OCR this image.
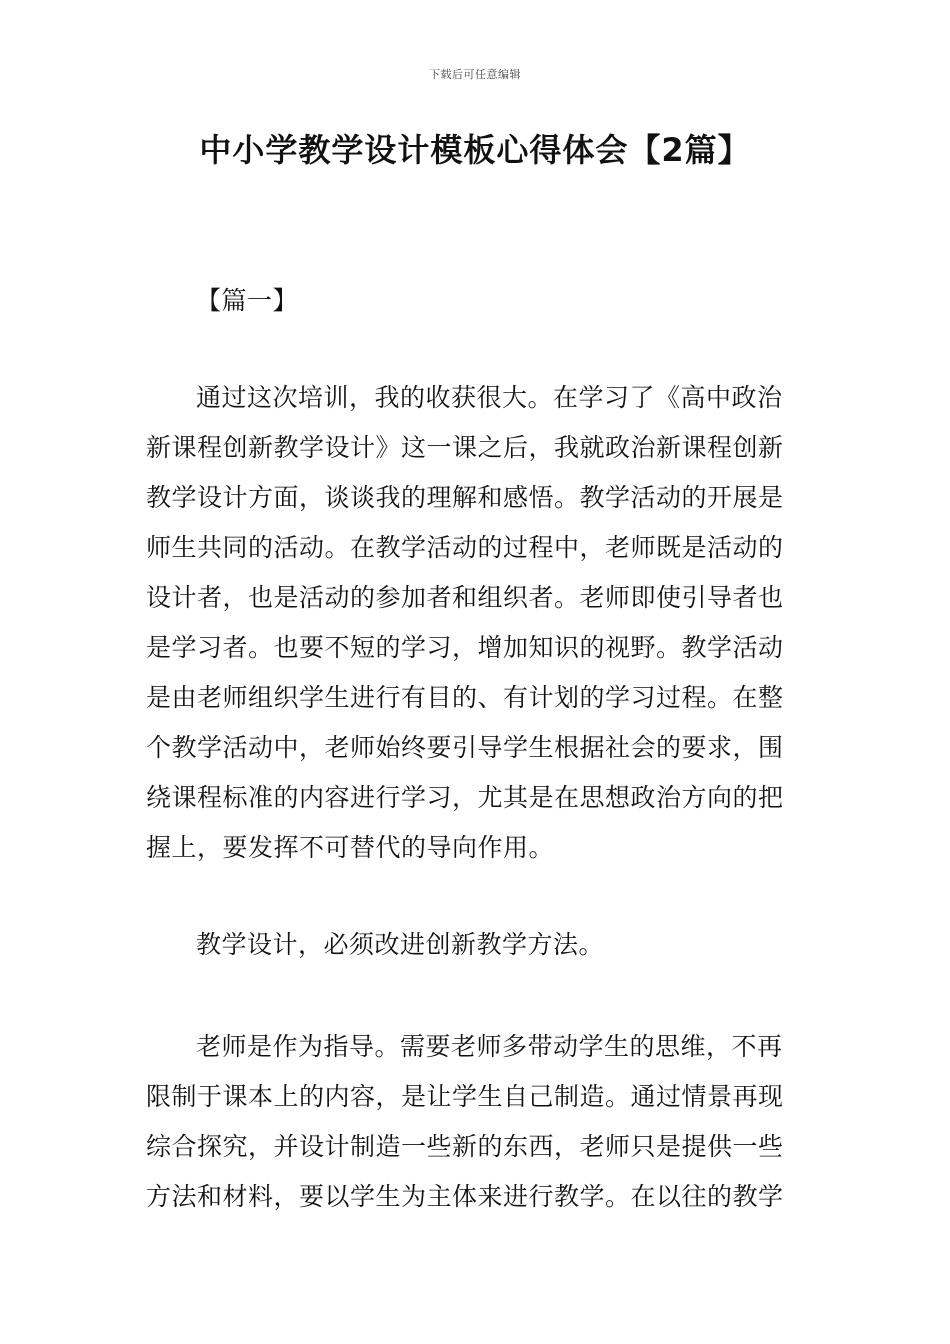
下载后可任意编辑
中小学教学设计模板心得体会【2篇】
【篇一】
通过这次培训，我的收获很大。在学习了《高中政治
新课程创新教学设计》这一课之后，我就政治新课程创新
教学设计方面，谈谈我的理解和感悟。教学活动的开展是
师生共同的活动。在教学活动的过程中，老师既是活动的
设计者，也是活动的参加者和组织者。老师即使引导者也
是学习者。也要不短的学习，增加知识的视野。教学活动
是由老师组织学生进行有目的、有计划的学习过程。在整
个教学活动中，老师始终要引导学生根据社会的要求，围
绕课程标准的内容进行学习，尤其是在思想政治方向的把
握上，要发挥不可替代的导向作用。
教学设计，必须改进创新教学方法。
老师是作为指导。需要老师多带动学生的思维，不再
限制于课本上的内容，是让学生自己制造。通过情景再现
综合探究，并设计制造一些新的东西，老师只是提供一些
方法和材料，要以学生为主体来进行教学。在以往的教学
